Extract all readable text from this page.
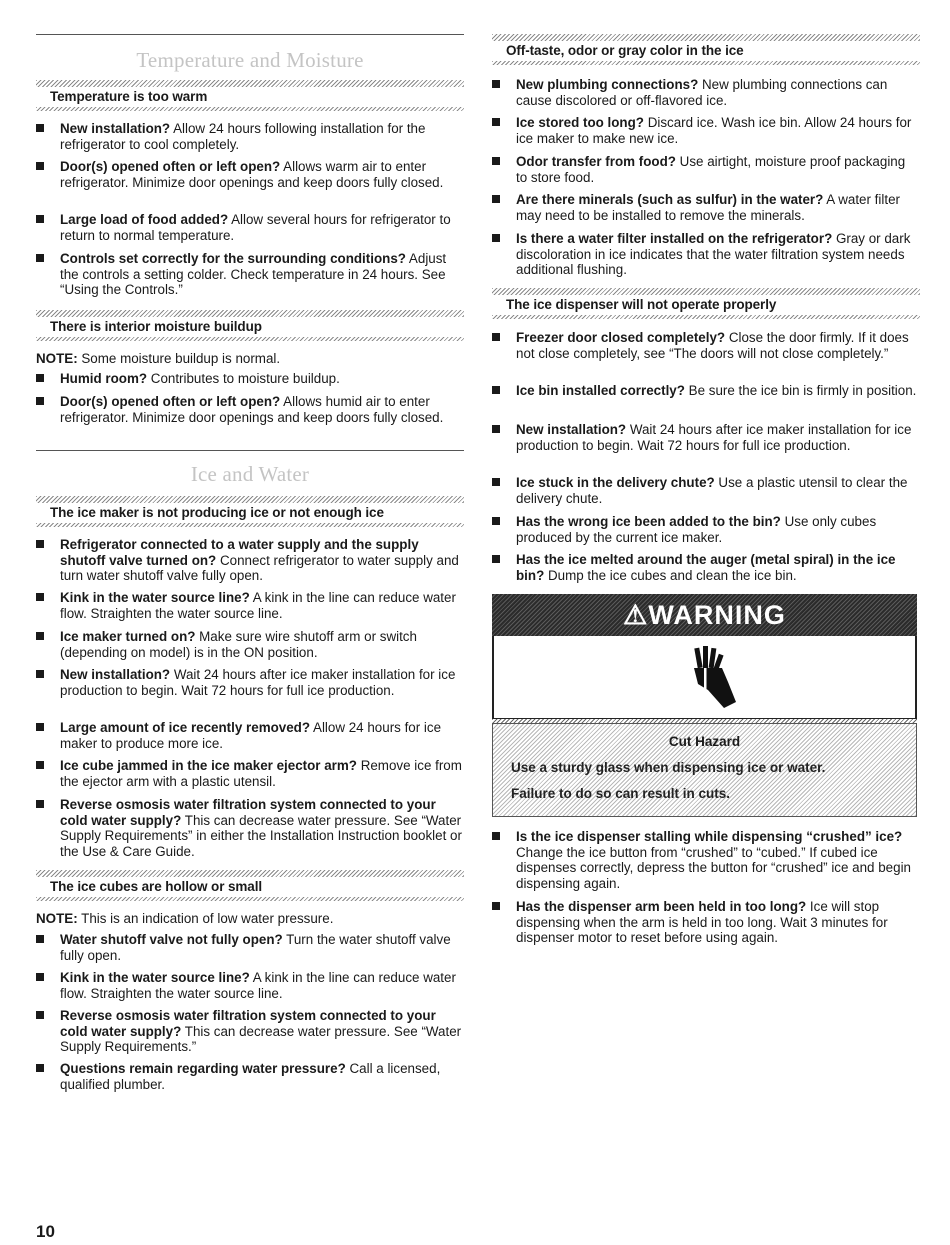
Temperature and Moisture
Temperature is too warm
New installation? Allow 24 hours following installation for the refrigerator to cool completely.
Door(s) opened often or left open? Allows warm air to enter refrigerator. Minimize door openings and keep doors fully closed.
Large load of food added? Allow several hours for refrigerator to return to normal temperature.
Controls set correctly for the surrounding conditions? Adjust the controls a setting colder. Check temperature in 24 hours. See “Using the Controls.”
There is interior moisture buildup
NOTE: Some moisture buildup is normal.
Humid room? Contributes to moisture buildup.
Door(s) opened often or left open? Allows humid air to enter refrigerator. Minimize door openings and keep doors fully closed.
Ice and Water
The ice maker is not producing ice or not enough ice
Refrigerator connected to a water supply and the supply shutoff valve turned on? Connect refrigerator to water supply and turn water shutoff valve fully open.
Kink in the water source line? A kink in the line can reduce water flow. Straighten the water source line.
Ice maker turned on? Make sure wire shutoff arm or switch (depending on model) is in the ON position.
New installation? Wait 24 hours after ice maker installation for ice production to begin. Wait 72 hours for full ice production.
Large amount of ice recently removed? Allow 24 hours for ice maker to produce more ice.
Ice cube jammed in the ice maker ejector arm? Remove ice from the ejector arm with a plastic utensil.
Reverse osmosis water filtration system connected to your cold water supply? This can decrease water pressure. See “Water Supply Requirements” in either the Installation Instruction booklet or the Use & Care Guide.
The ice cubes are hollow or small
NOTE: This is an indication of low water pressure.
Water shutoff valve not fully open? Turn the water shutoff valve fully open.
Kink in the water source line? A kink in the line can reduce water flow. Straighten the water source line.
Reverse osmosis water filtration system connected to your cold water supply? This can decrease water pressure. See “Water Supply Requirements.”
Questions remain regarding water pressure? Call a licensed, qualified plumber.
Off-taste, odor or gray color in the ice
New plumbing connections? New plumbing connections can cause discolored or off-flavored ice.
Ice stored too long? Discard ice. Wash ice bin. Allow 24 hours for ice maker to make new ice.
Odor transfer from food? Use airtight, moisture proof packaging to store food.
Are there minerals (such as sulfur) in the water? A water filter may need to be installed to remove the minerals.
Is there a water filter installed on the refrigerator? Gray or dark discoloration in ice indicates that the water filtration system needs additional flushing.
The ice dispenser will not operate properly
Freezer door closed completely? Close the door firmly. If it does not close completely, see “The doors will not close completely.”
Ice bin installed correctly? Be sure the ice bin is firmly in position.
New installation? Wait 24 hours after ice maker installation for ice production to begin. Wait 72 hours for full ice production.
Ice stuck in the delivery chute? Use a plastic utensil to clear the delivery chute.
Has the wrong ice been added to the bin? Use only cubes produced by the current ice maker.
Has the ice melted around the auger (metal spiral) in the ice bin? Dump the ice cubes and clean the ice bin.
Is the ice dispenser stalling while dispensing “crushed” ice? Change the ice button from “crushed” to “cubed.” If cubed ice dispenses correctly, depress the button for “crushed” ice and begin dispensing again.
Has the dispenser arm been held in too long? Ice will stop dispensing when the arm is held in too long. Wait 3 minutes for dispenser motor to reset before using again.
⚠WARNING
Cut Hazard
Use a sturdy glass when dispensing ice or water.
Failure to do so can result in cuts.
10
